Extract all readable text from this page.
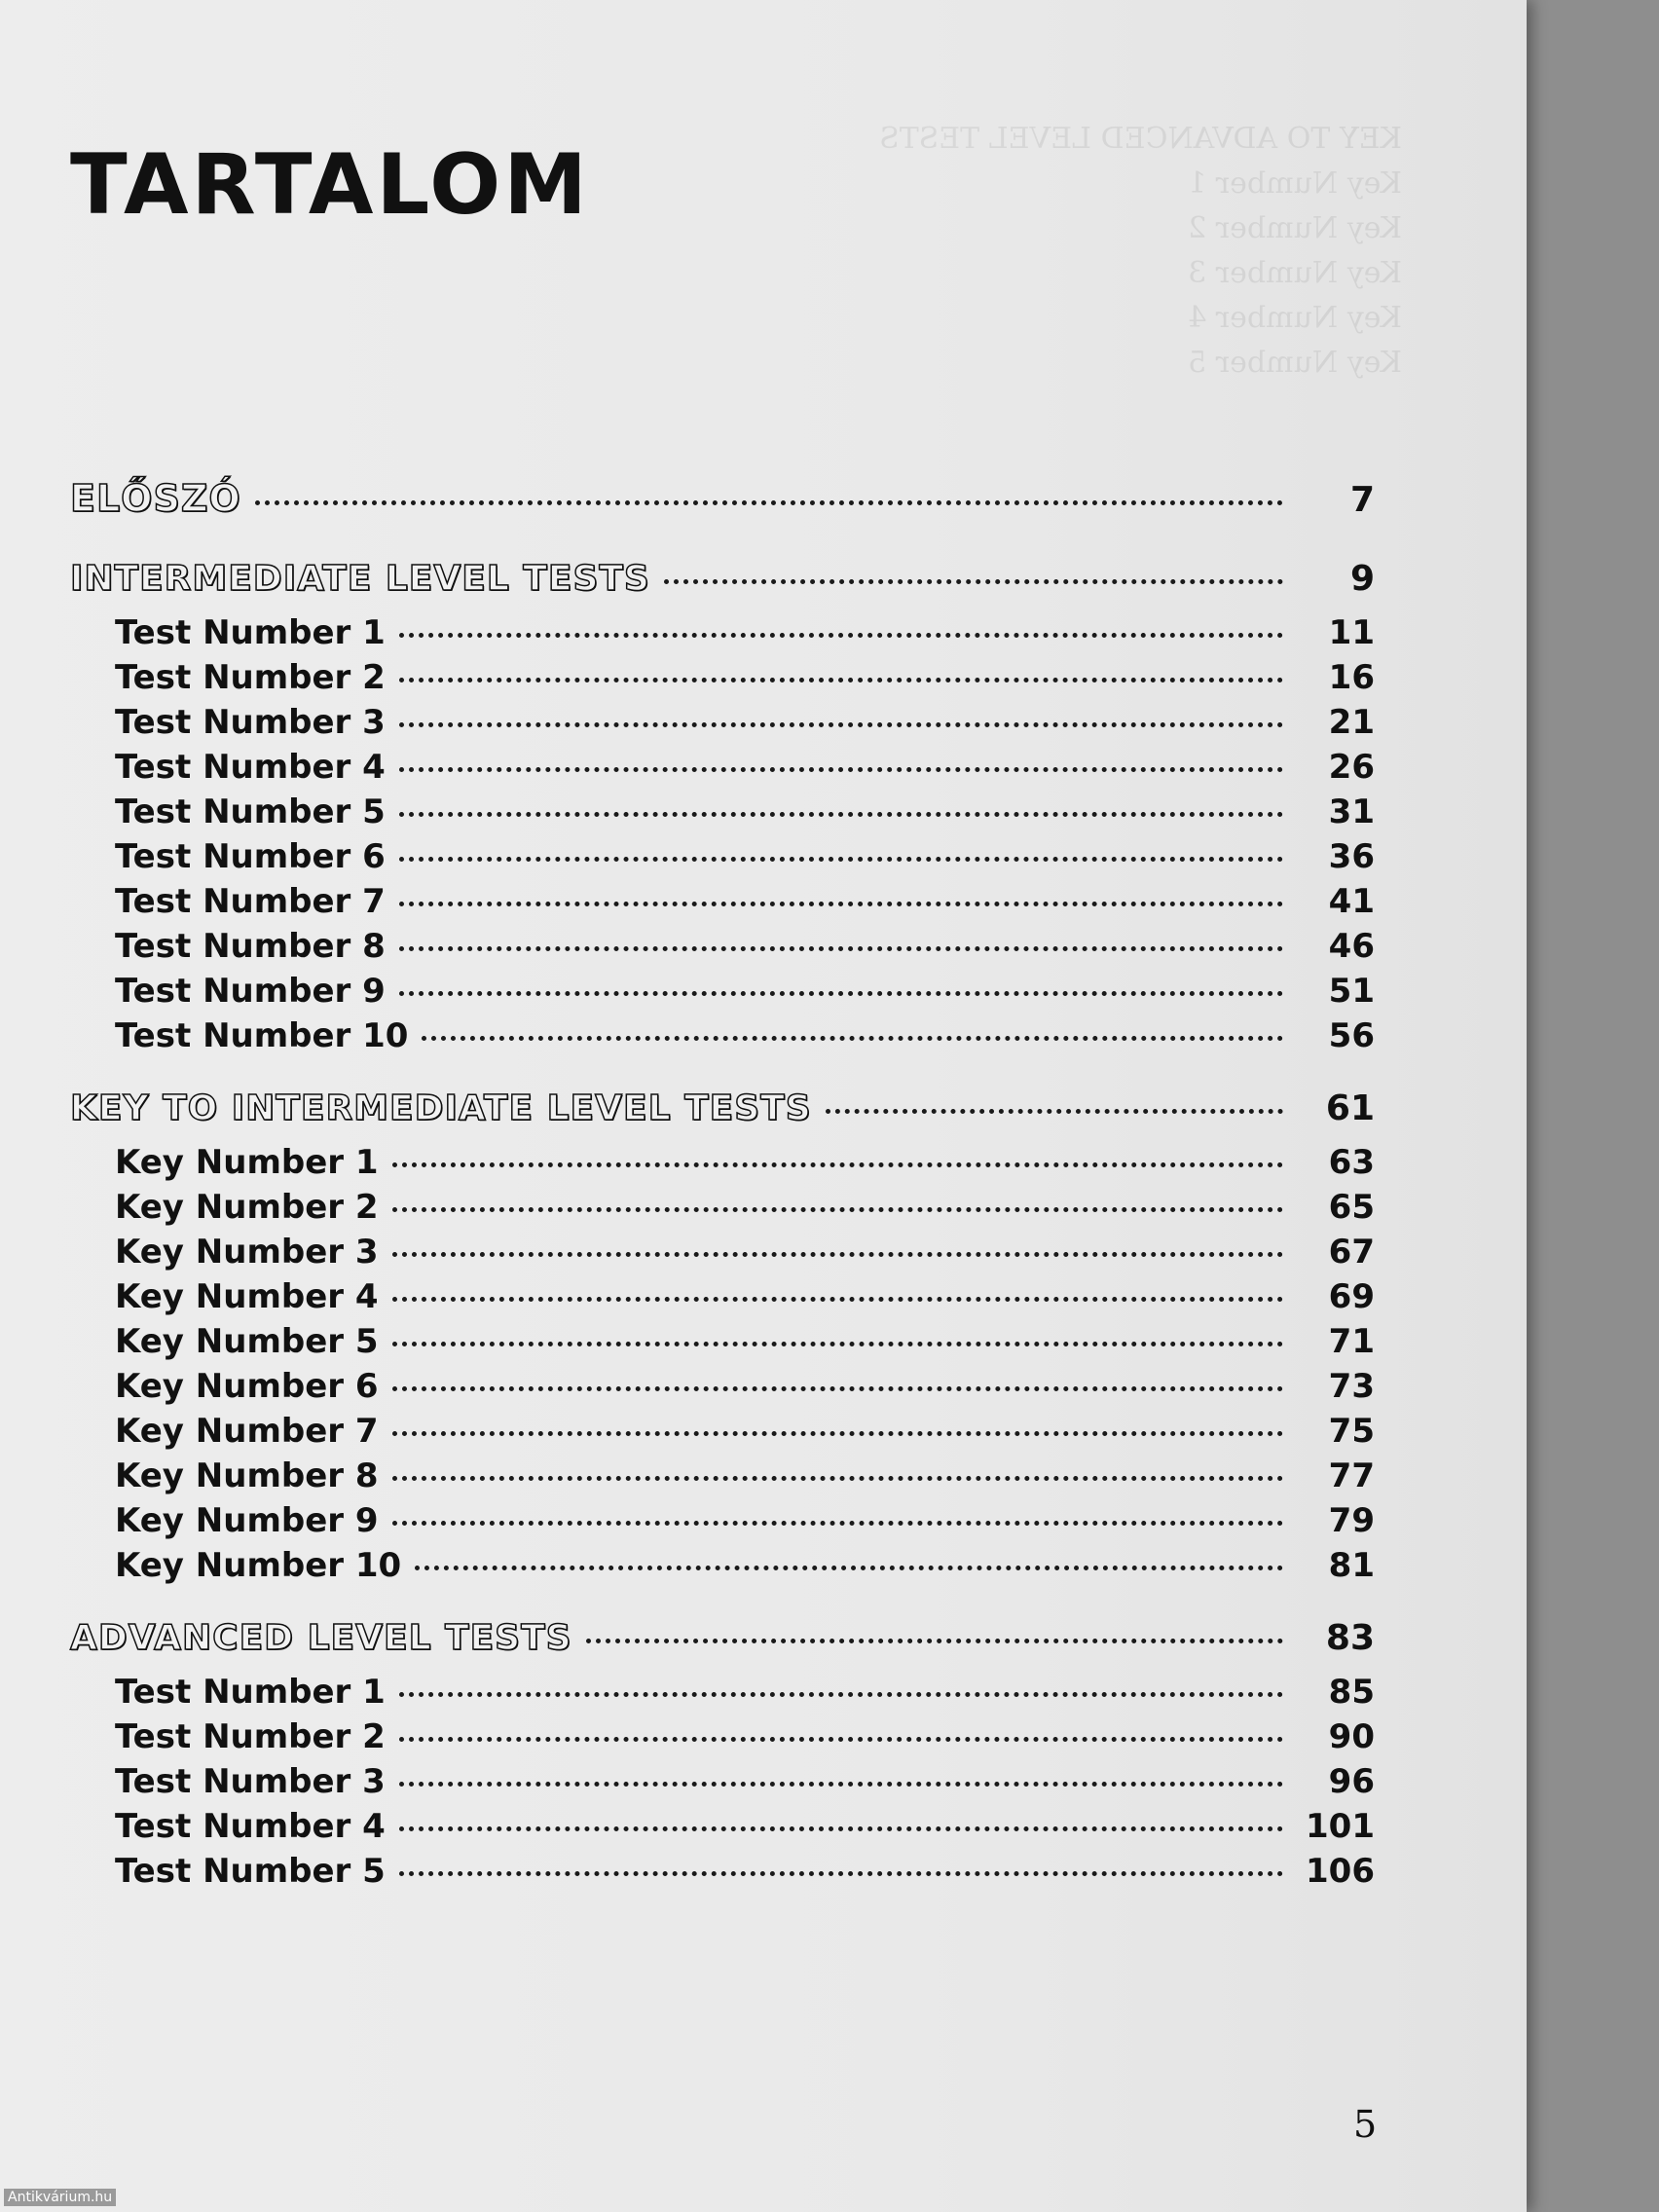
KEY TO ADVANCED LEVEL TESTS
Key Number 1
Key Number 2
Key Number 3
Key Number 4
Key Number 5
TARTALOM
ELŐSZÓ	7
INTERMEDIATE LEVEL TESTS	9
Test Number 1	11
Test Number 2	16
Test Number 3	21
Test Number 4	26
Test Number 5	31
Test Number 6	36
Test Number 7	41
Test Number 8	46
Test Number 9	51
Test Number 10	56
KEY TO INTERMEDIATE LEVEL TESTS	61
Key Number 1	63
Key Number 2	65
Key Number 3	67
Key Number 4	69
Key Number 5	71
Key Number 6	73
Key Number 7	75
Key Number 8	77
Key Number 9	79
Key Number 10	81
ADVANCED LEVEL TESTS	83
Test Number 1	85
Test Number 2	90
Test Number 3	96
Test Number 4	101
Test Number 5	106
5
Antikvárium.hu
